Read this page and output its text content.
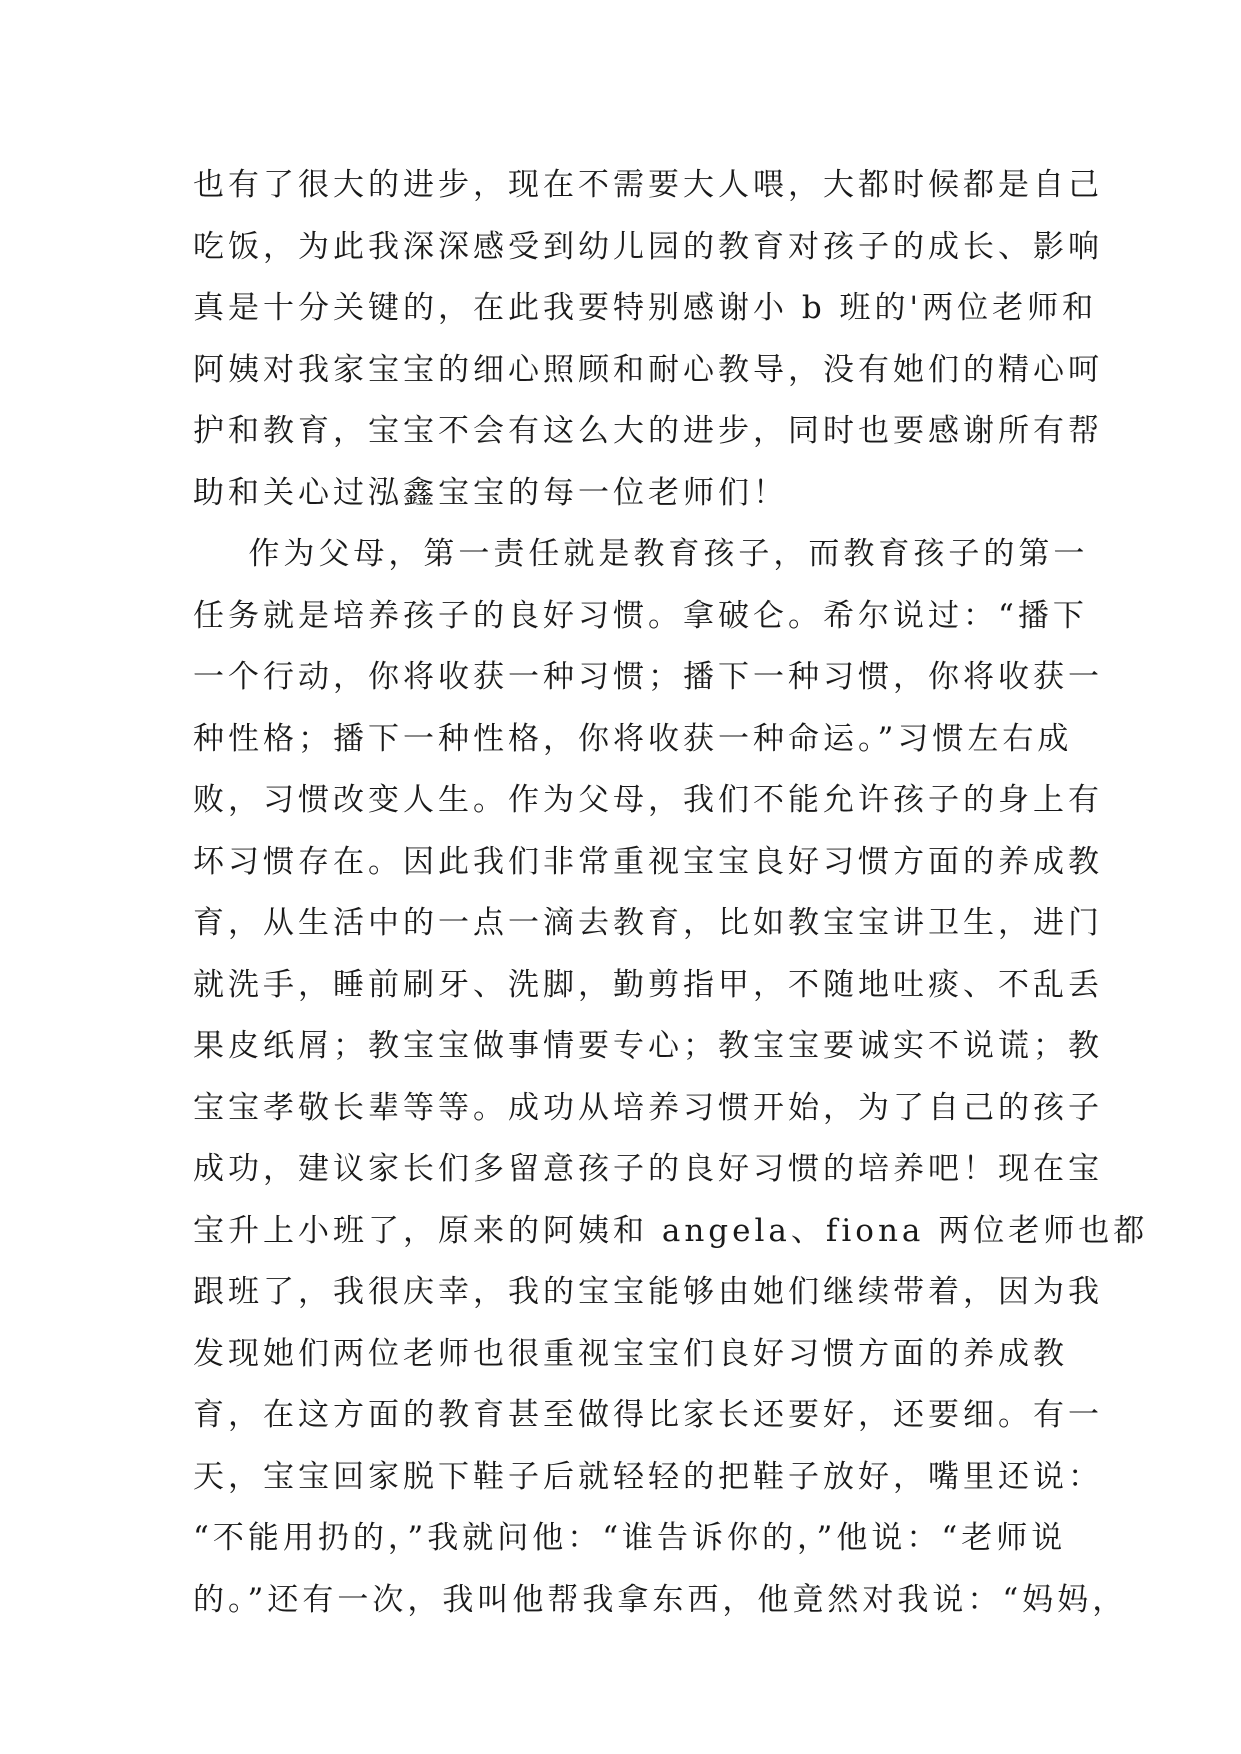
也有了很大的进步，现在不需要大人喂，大都时候都是自己
吃饭，为此我深深感受到幼儿园的教育对孩子的成长、影响
真是十分关键的，在此我要特别感谢小 b 班的'两位老师和
阿姨对我家宝宝的细心照顾和耐心教导，没有她们的精心呵
护和教育，宝宝不会有这么大的进步，同时也要感谢所有帮
助和关心过泓鑫宝宝的每一位老师们！
作为父母，第一责任就是教育孩子，而教育孩子的第一
任务就是培养孩子的良好习惯。拿破仑。希尔说过：“播下
一个行动，你将收获一种习惯；播下一种习惯，你将收获一
种性格；播下一种性格，你将收获一种命运。”习惯左右成
败，习惯改变人生。作为父母，我们不能允许孩子的身上有
坏习惯存在。因此我们非常重视宝宝良好习惯方面的养成教
育，从生活中的一点一滴去教育，比如教宝宝讲卫生，进门
就洗手，睡前刷牙、洗脚，勤剪指甲，不随地吐痰、不乱丢
果皮纸屑；教宝宝做事情要专心；教宝宝要诚实不说谎；教
宝宝孝敬长辈等等。成功从培养习惯开始，为了自己的孩子
成功，建议家长们多留意孩子的良好习惯的培养吧！现在宝
宝升上小班了，原来的阿姨和 angela、fiona 两位老师也都
跟班了，我很庆幸，我的宝宝能够由她们继续带着，因为我
发现她们两位老师也很重视宝宝们良好习惯方面的养成教
育，在这方面的教育甚至做得比家长还要好，还要细。有一
天，宝宝回家脱下鞋子后就轻轻的把鞋子放好，嘴里还说：
“不能用扔的，”我就问他：“谁告诉你的，”他说：“老师说
的。”还有一次，我叫他帮我拿东西，他竟然对我说：“妈妈，
